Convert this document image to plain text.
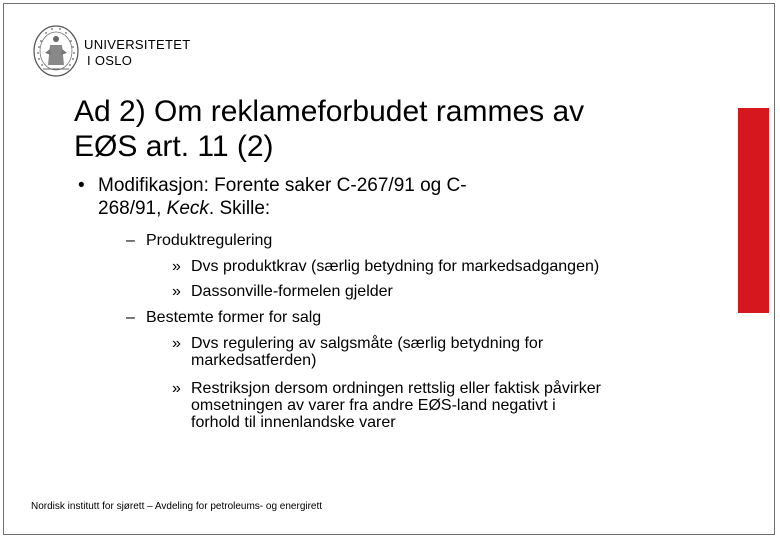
UNIVERSITETET
I OSLO
Ad 2) Om reklameforbudet rammes av
EØS art. 11 (2)
• Modifikasjon: Forente saker C-267/91 og C-
268/91, Keck. Skille:
– Produktregulering
» Dvs produktkrav (særlig betydning for markedsadgangen)
» Dassonville-formelen gjelder
– Bestemte former for salg
» Dvs regulering av salgsmåte (særlig betydning for
markedsatferden)
» Restriksjon dersom ordningen rettslig eller faktisk påvirker
omsetningen av varer fra andre EØS-land negativt i
forhold til innenlandske varer
Nordisk institutt for sjørett – Avdeling for petroleums- og energirett
